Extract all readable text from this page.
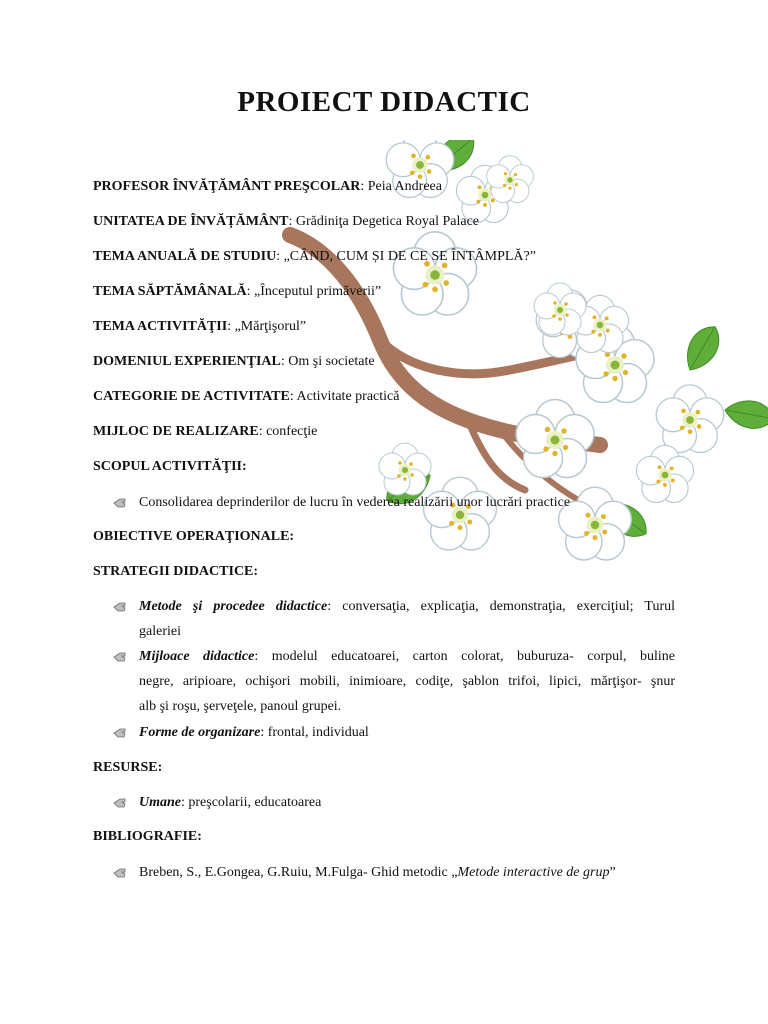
PROIECT DIDACTIC
PROFESOR ÎNVĂŢĂMÂNT PREŞCOLAR: Peia Andreea
UNITATEA DE ÎNVĂȚĂMÂNT: Grădiniţa Degetica Royal Palace
TEMA ANUALĂ DE STUDIU: „CÂND, CUM ȘI DE CE SE ÎNTÂMPLĂ?”
TEMA SĂPTĂMÂNALĂ: „Începutul primăverii”
TEMA ACTIVITĂŢII: „Mărţişorul”
DOMENIUL EXPERIENŢIAL: Om şi societate
CATEGORIE DE ACTIVITATE: Activitate practică
MIJLOC DE REALIZARE: confecţie
SCOPUL ACTIVITĂŢII:
Consolidarea deprinderilor de lucru în vederea realizării unor lucrări practice
OBIECTIVE OPERAŢIONALE:
STRATEGII DIDACTICE:
Metode şi procedee didactice: conversaţia, explicaţia, demonstraţia, exerciţiul; Turul
galeriei
Mijloace didactice: modelul educatoarei, carton colorat, buburuza- corpul, buline
negre, aripioare, ochişori mobili, inimioare, codiţe, şablon trifoi, lipici, mărţişor- şnur
alb şi roşu, şerveţele, panoul grupei.
Forme de organizare: frontal, individual
RESURSE:
Umane: preşcolarii, educatoarea
BIBLIOGRAFIE:
Breben, S., E.Gongea, G.Ruiu, M.Fulga- Ghid metodic „Metode interactive de grup”
